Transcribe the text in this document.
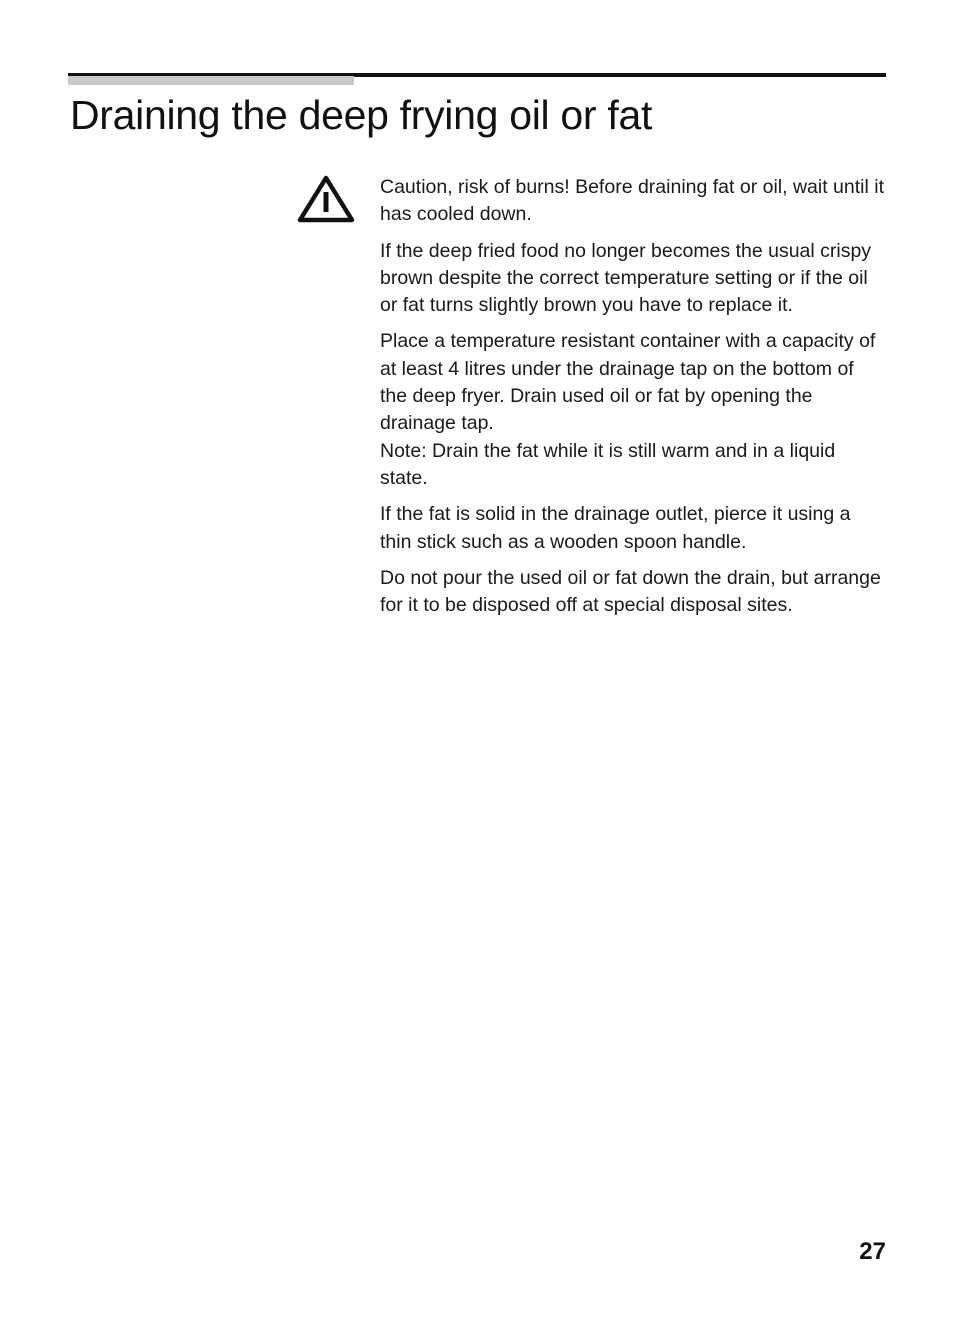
Draining the deep frying oil or fat

Caution, risk of burns! Before draining fat or oil, wait until it has cooled down.

If the deep fried food no longer becomes the usual crispy brown despite the correct temperature setting or if the oil or fat turns slightly brown you have to replace it.

Place a temperature resistant container with a capacity of at least 4 litres under the drainage tap on the bottom of the deep fryer. Drain used oil or fat by opening the drainage tap.

Note: Drain the fat while it is still warm and in a liquid state.

If the fat is solid in the drainage outlet, pierce it using a thin stick such as a wooden spoon handle.

Do not pour the used oil or fat down the drain, but arrange for it to be disposed off at special disposal sites.

27
